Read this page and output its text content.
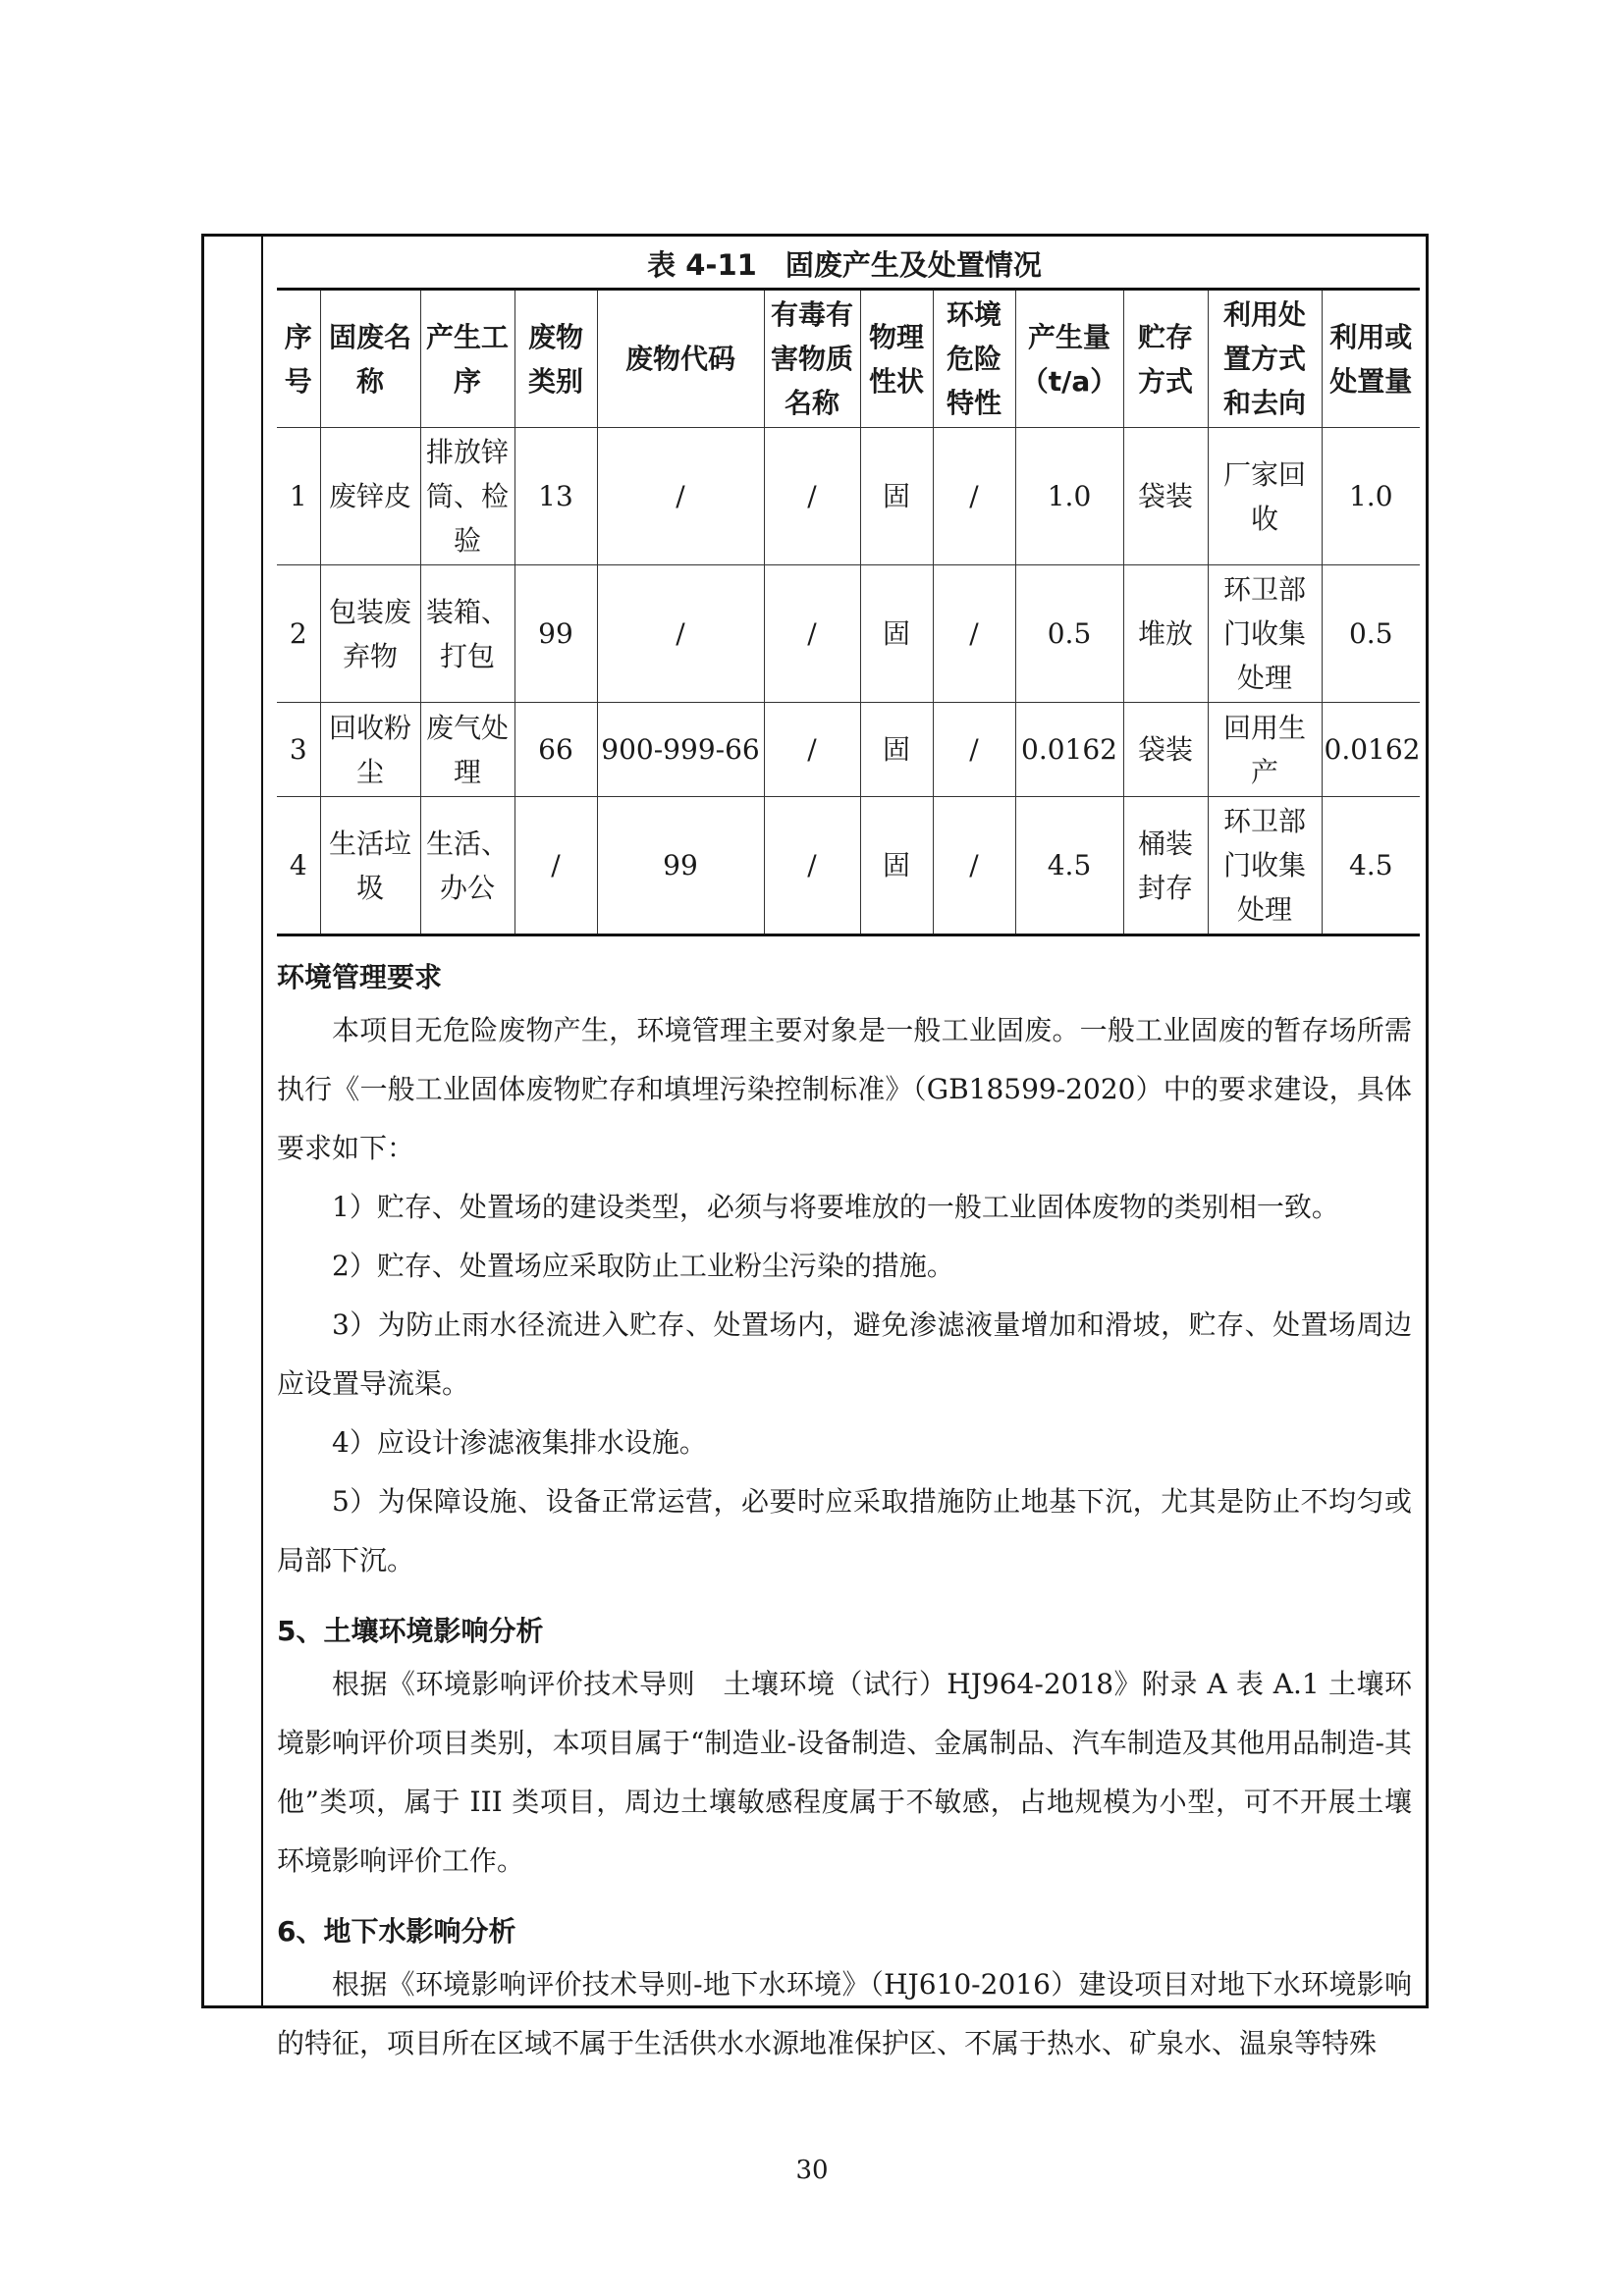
表 4-11　固废产生及处置情况
序号	固废名称	产生工序	废物类别	废物代码	有毒有害物质名称	物理性状	环境危险特性	产生量（t/a）	贮存方式	利用处置方式和去向	利用或处置量
1	废锌皮	排放锌筒、检验	13	/	/	固	/	1.0	袋装	厂家回收	1.0
2	包装废弃物	装箱、打包	99	/	/	固	/	0.5	堆放	环卫部门收集处理	0.5
3	回收粉尘	废气处理	66	900-999-66	/	固	/	0.0162	袋装	回用生产	0.0162
4	生活垃圾	生活、办公	/	99	/	固	/	4.5	桶装封存	环卫部门收集处理	4.5
环境管理要求

本项目无危险废物产生，环境管理主要对象是一般工业固废。一般工业固废的暂存场所需执行《一般工业固体废物贮存和填埋污染控制标准》（GB18599-2020）中的要求建设，具体要求如下：

1）贮存、处置场的建设类型，必须与将要堆放的一般工业固体废物的类别相一致。

2）贮存、处置场应采取防止工业粉尘污染的措施。

3）为防止雨水径流进入贮存、处置场内，避免渗滤液量增加和滑坡，贮存、处置场周边应设置导流渠。

4）应设计渗滤液集排水设施。

5）为保障设施、设备正常运营，必要时应采取措施防止地基下沉，尤其是防止不均匀或局部下沉。

5、土壤环境影响分析

根据《环境影响评价技术导则　土壤环境（试行）HJ964-2018》附录 A 表 A.1 土壤环境影响评价项目类别，本项目属于“制造业-设备制造、金属制品、汽车制造及其他用品制造-其他”类项，属于 III 类项目，周边土壤敏感程度属于不敏感，占地规模为小型，可不开展土壤环境影响评价工作。

6、地下水影响分析

根据《环境影响评价技术导则-地下水环境》（HJ610-2016）建设项目对地下水环境影响的特征，项目所在区域不属于生活供水水源地准保护区、不属于热水、矿泉水、温泉等特殊

30
